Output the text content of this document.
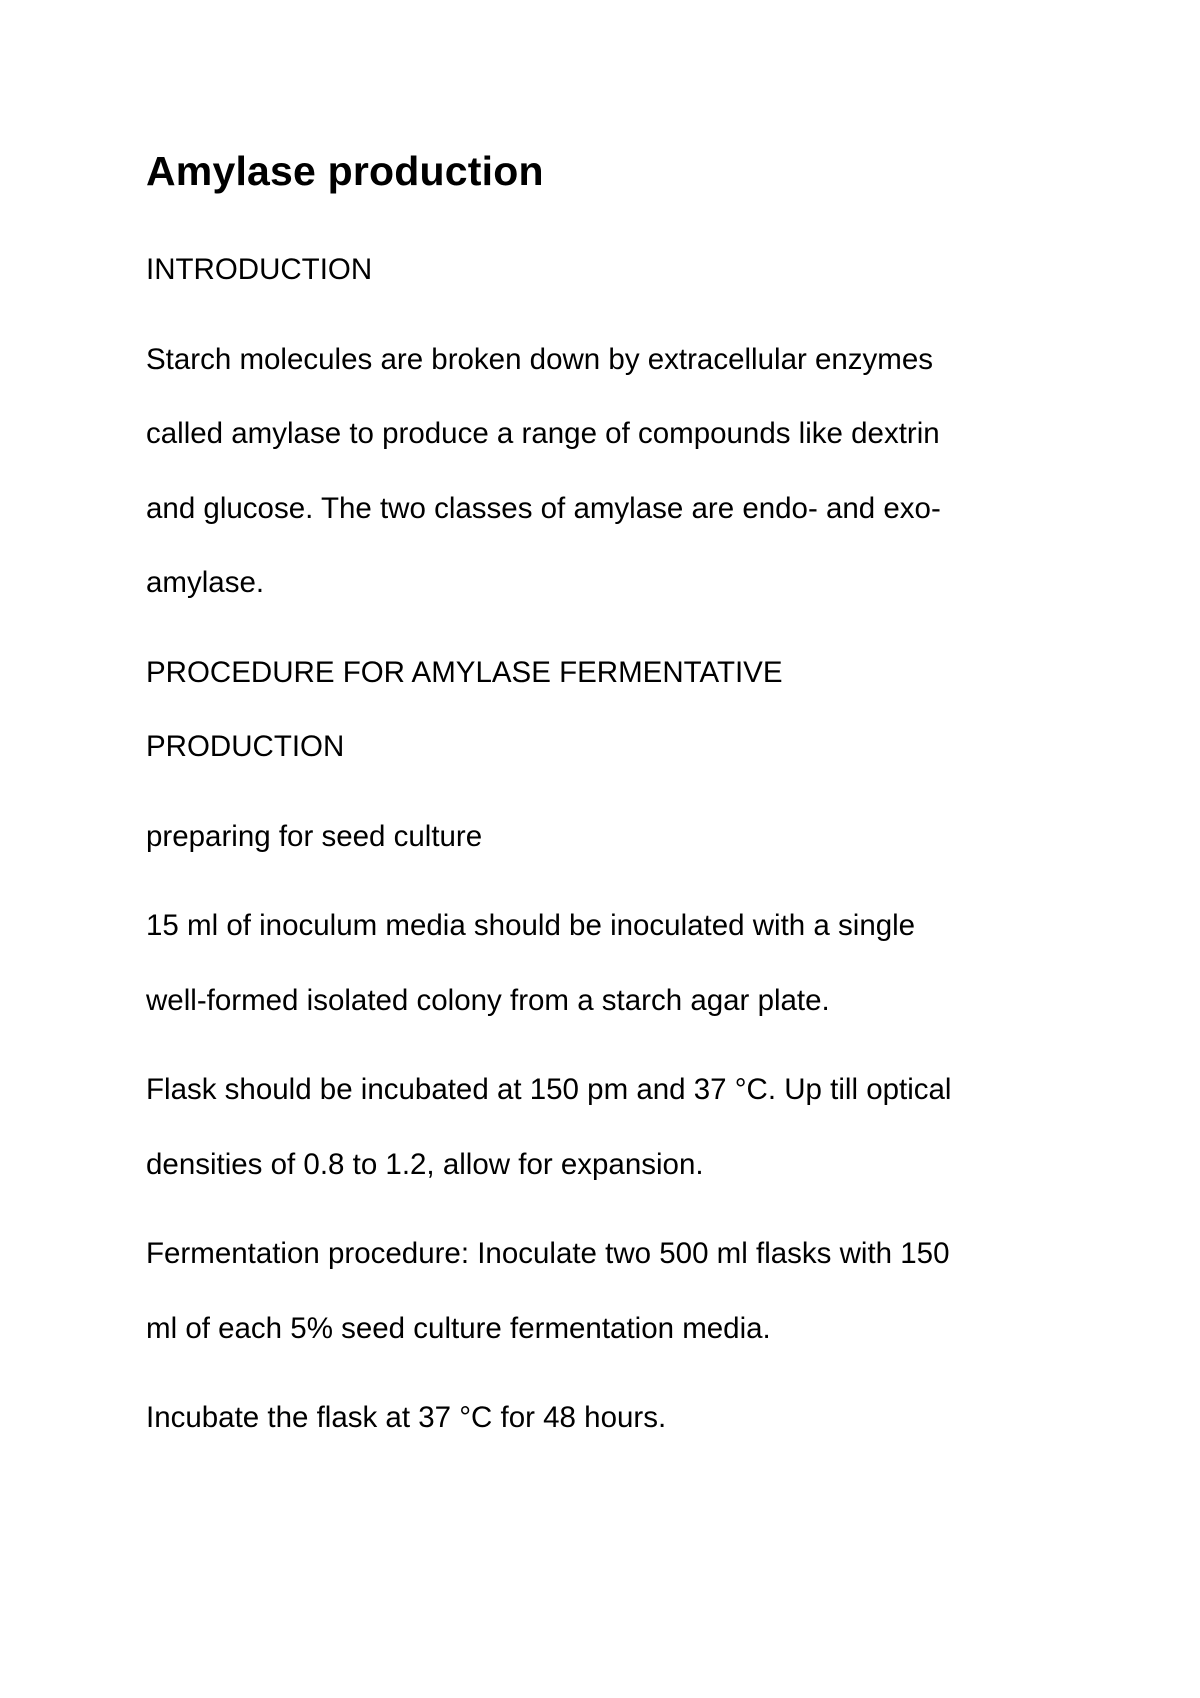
Amylase production

INTRODUCTION

Starch molecules are broken down by extracellular enzymes

called amylase to produce a range of compounds like dextrin

and glucose. The two classes of amylase are endo- and exo-

amylase.

PROCEDURE FOR AMYLASE FERMENTATIVE

PRODUCTION

preparing for seed culture

15 ml of inoculum media should be inoculated with a single

well-formed isolated colony from a starch agar plate.

Flask should be incubated at 150 pm and 37 °C. Up till optical

densities of 0.8 to 1.2, allow for expansion.

Fermentation procedure: Inoculate two 500 ml flasks with 150

ml of each 5% seed culture fermentation media.

Incubate the flask at 37 °C for 48 hours.
